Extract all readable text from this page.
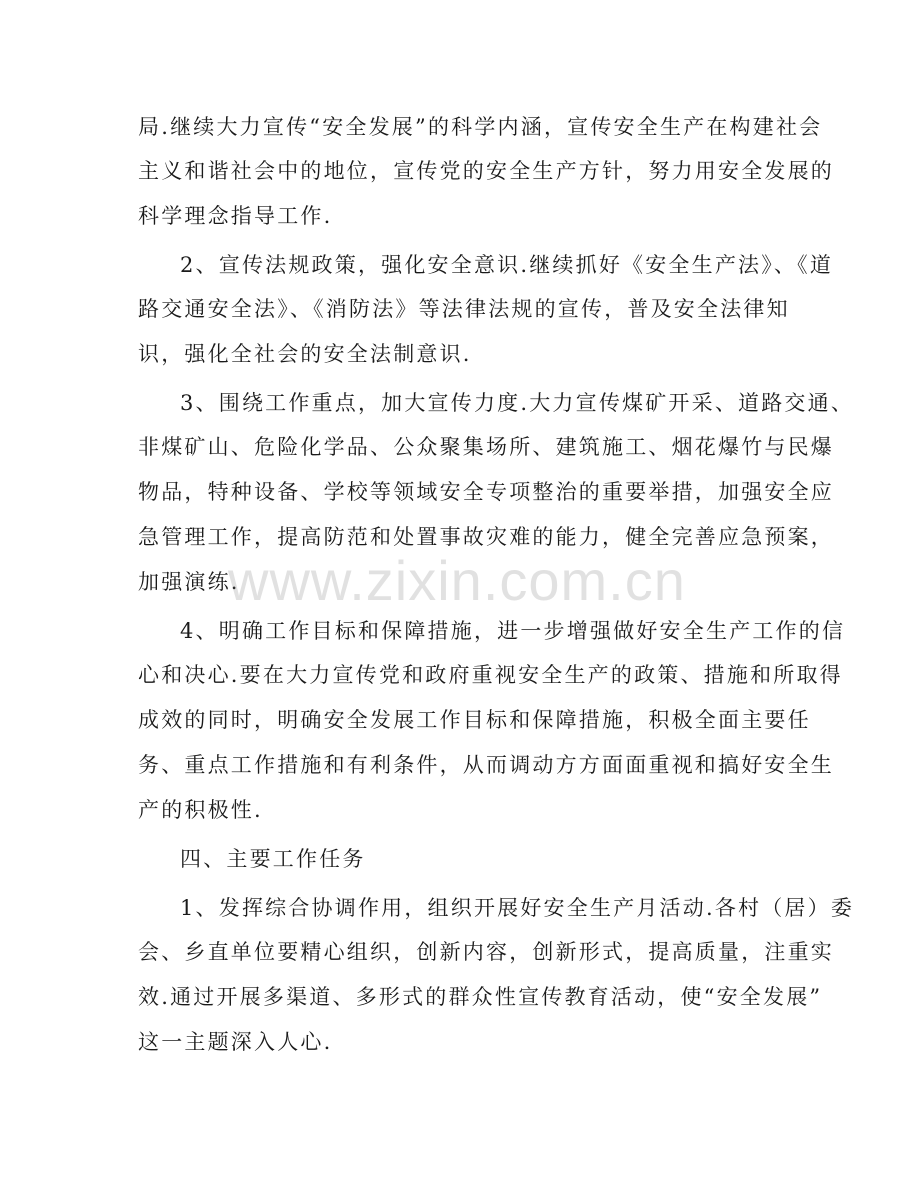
局.继续大力宣传“安全发展”的科学内涵，宣传安全生产在构建社会
主义和谐社会中的地位，宣传党的安全生产方针，努力用安全发展的
科学理念指导工作.
2、宣传法规政策，强化安全意识.继续抓好《安全生产法》、《道
路交通安全法》、《消防法》等法律法规的宣传，普及安全法律知
识，强化全社会的安全法制意识.
3、围绕工作重点，加大宣传力度.大力宣传煤矿开采、道路交通、
非煤矿山、危险化学品、公众聚集场所、建筑施工、烟花爆竹与民爆
物品，特种设备、学校等领域安全专项整治的重要举措，加强安全应
急管理工作，提高防范和处置事故灾难的能力，健全完善应急预案，
加强演练.
4、明确工作目标和保障措施，进一步增强做好安全生产工作的信
心和决心.要在大力宣传党和政府重视安全生产的政策、措施和所取得
成效的同时，明确安全发展工作目标和保障措施，积极全面主要任
务、重点工作措施和有利条件，从而调动方方面面重视和搞好安全生
产的积极性.
四、主要工作任务
1、发挥综合协调作用，组织开展好安全生产月活动.各村（居）委
会、乡直单位要精心组织，创新内容，创新形式，提高质量，注重实
效.通过开展多渠道、多形式的群众性宣传教育活动，使“安全发展”
这一主题深入人心.
www.zixin.com.cn
